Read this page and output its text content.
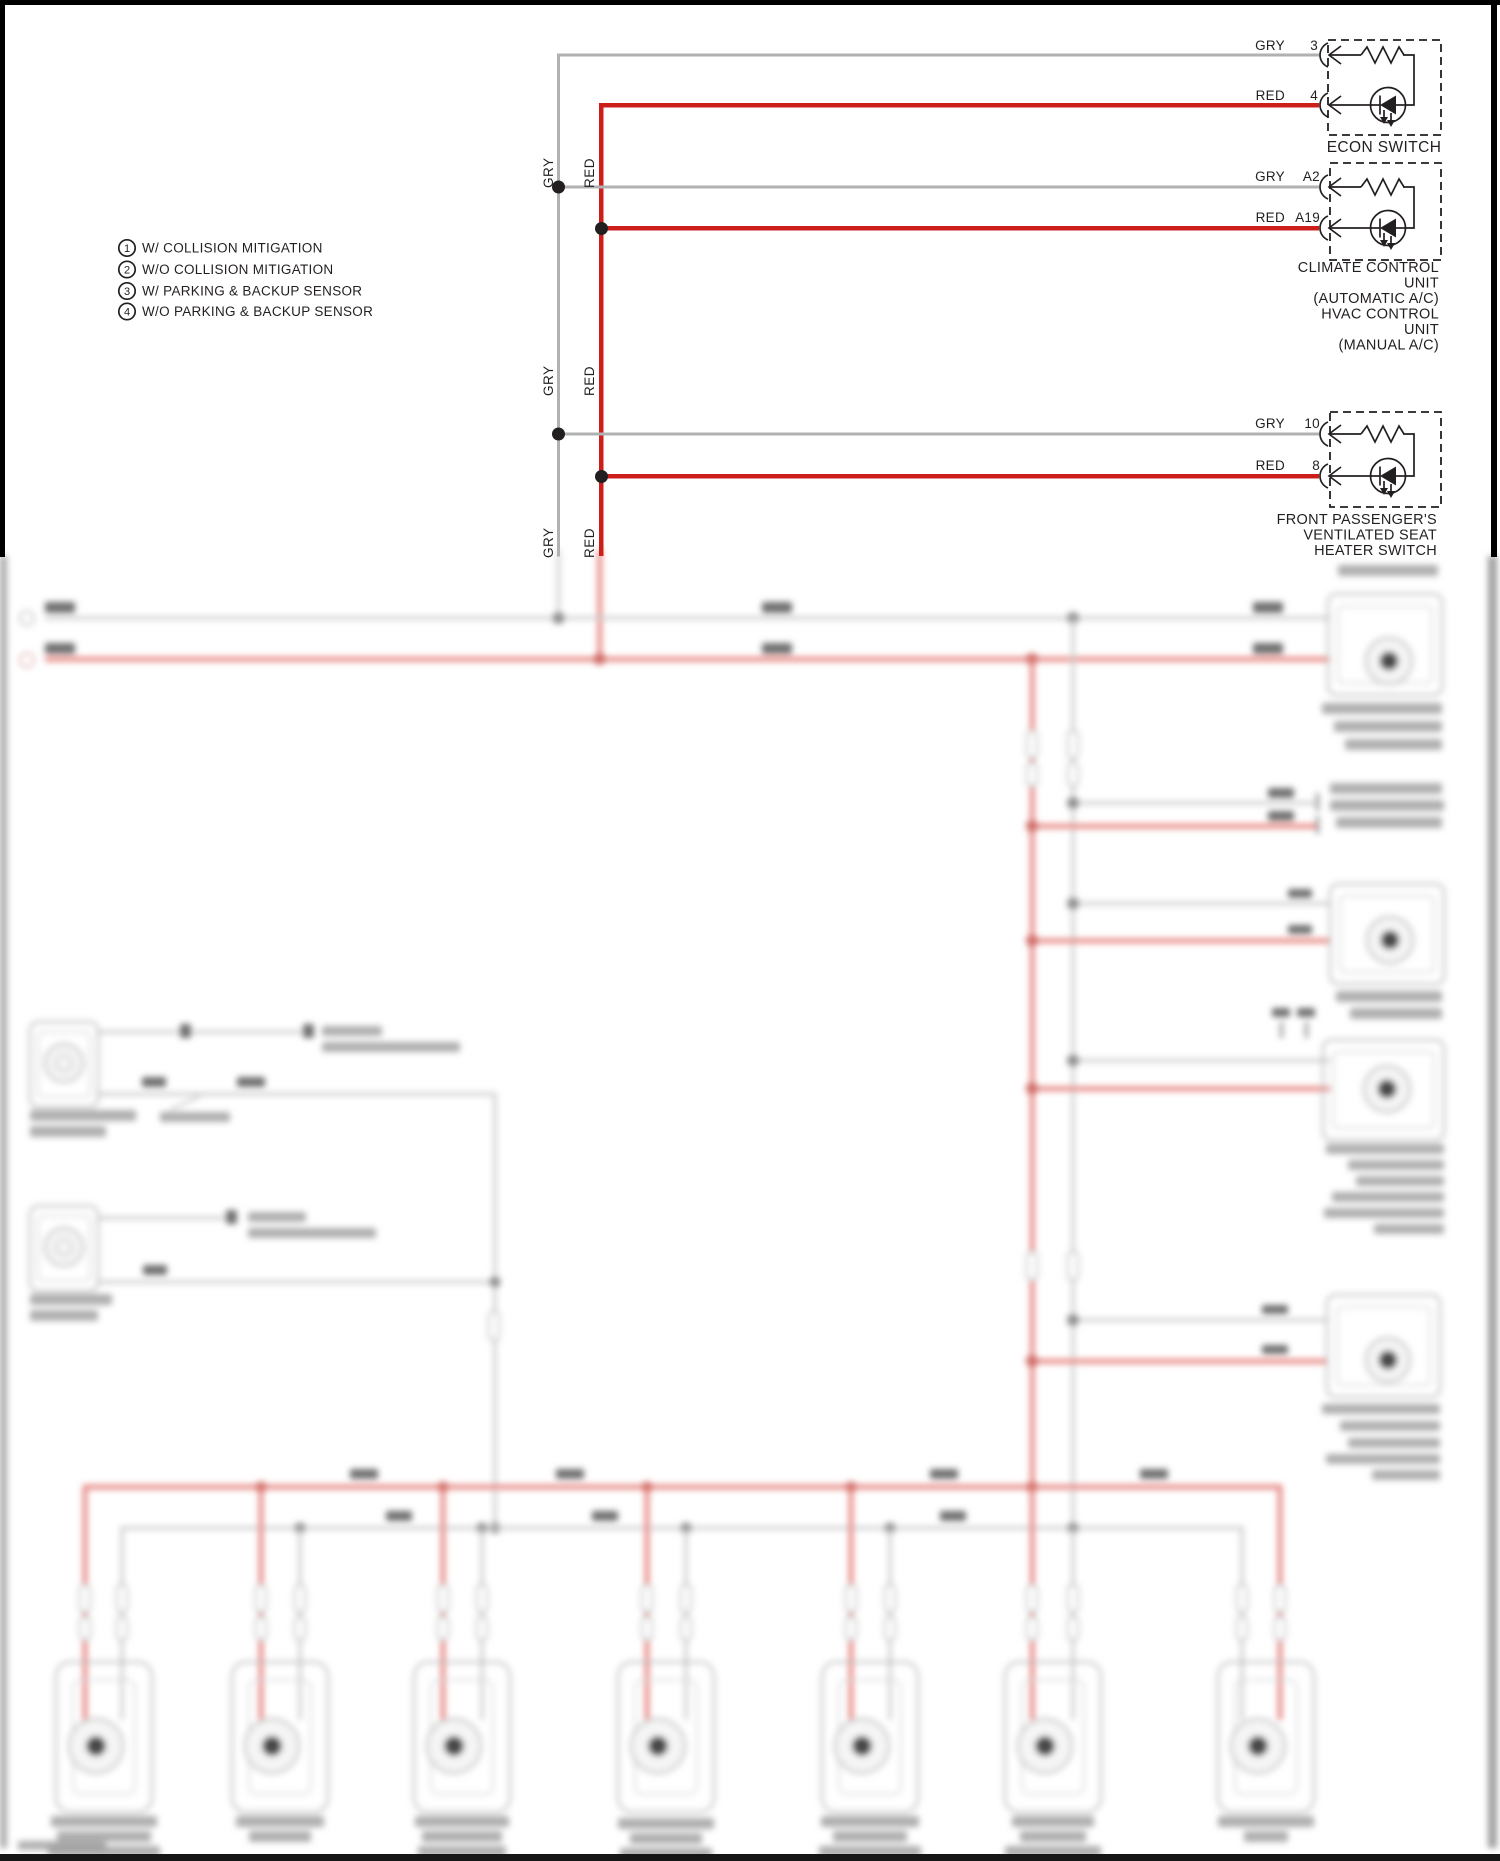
1 W/ COLLISION MITIGATION
2 W/O COLLISION MITIGATION
3 W/ PARKING & BACKUP SENSOR
4 W/O PARKING & BACKUP SENSOR
GRY RED
GRY RED
GRY RED
GRY 3
RED 4
ECON SWITCH
GRY A2
RED A19
CLIMATE CONTROL
UNIT
(AUTOMATIC A/C)
HVAC CONTROL
UNIT
(MANUAL A/C)
GRY 10
RED 8
FRONT PASSENGER'S
VENTILATED SEAT
HEATER SWITCH
